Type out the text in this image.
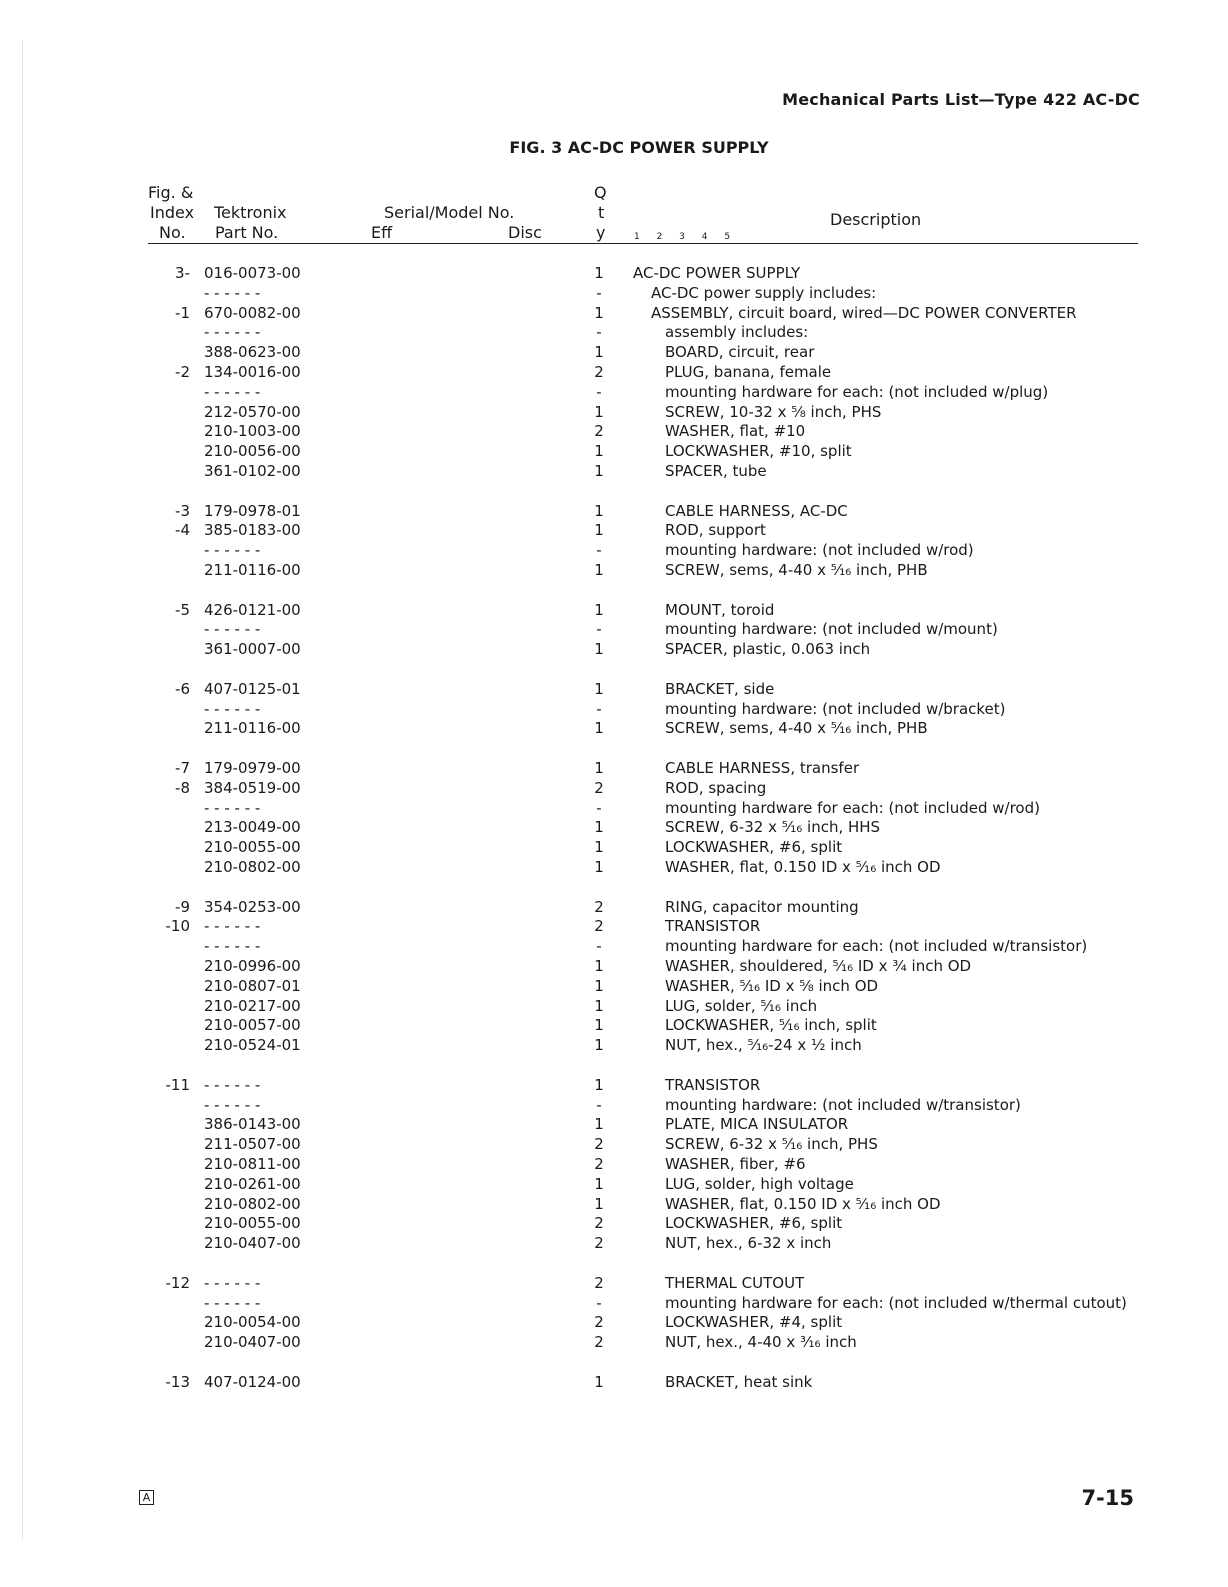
Mechanical Parts List—Type 422 AC-DC
FIG. 3 AC-DC POWER SUPPLY
Fig. &
Index
No.
Tektronix
Part No.
Serial/Model No.
Eff	Disc
Q
t
y	1 2 3 4 5
Description
3- 016-0073-00	1	AC-DC POWER SUPPLY
- - - - - -	-	AC-DC power supply includes:
-1 670-0082-00	1	ASSEMBLY, circuit board, wired—DC POWER CONVERTER
- - - - - -	-	assembly includes:
388-0623-00	1	BOARD, circuit, rear
-2 134-0016-00	2	PLUG, banana, female
- - - - - -	-	mounting hardware for each: (not included w/plug)
212-0570-00	1	SCREW, 10-32 x ⁵⁄₈ inch, PHS
210-1003-00	2	WASHER, flat, #10
210-0056-00	1	LOCKWASHER, #10, split
361-0102-00	1	SPACER, tube
-3 179-0978-01	1	CABLE HARNESS, AC-DC
-4 385-0183-00	1	ROD, support
- - - - - -	-	mounting hardware: (not included w/rod)
211-0116-00	1	SCREW, sems, 4-40 x ⁵⁄₁₆ inch, PHB
-5 426-0121-00	1	MOUNT, toroid
- - - - - -	-	mounting hardware: (not included w/mount)
361-0007-00	1	SPACER, plastic, 0.063 inch
-6 407-0125-01	1	BRACKET, side
- - - - - -	-	mounting hardware: (not included w/bracket)
211-0116-00	1	SCREW, sems, 4-40 x ⁵⁄₁₆ inch, PHB
-7 179-0979-00	1	CABLE HARNESS, transfer
-8 384-0519-00	2	ROD, spacing
- - - - - -	-	mounting hardware for each: (not included w/rod)
213-0049-00	1	SCREW, 6-32 x ⁵⁄₁₆ inch, HHS
210-0055-00	1	LOCKWASHER, #6, split
210-0802-00	1	WASHER, flat, 0.150 ID x ⁵⁄₁₆ inch OD
-9 354-0253-00	2	RING, capacitor mounting
-10 - - - - - -	2	TRANSISTOR
- - - - - -	-	mounting hardware for each: (not included w/transistor)
210-0996-00	1	WASHER, shouldered, ⁵⁄₁₆ ID x ³⁄₄ inch OD
210-0807-01	1	WASHER, ⁵⁄₁₆ ID x ⁵⁄₈ inch OD
210-0217-00	1	LUG, solder, ⁵⁄₁₆ inch
210-0057-00	1	LOCKWASHER, ⁵⁄₁₆ inch, split
210-0524-01	1	NUT, hex., ⁵⁄₁₆-24 x ¹⁄₂ inch
-11 - - - - - -	1	TRANSISTOR
- - - - - -	-	mounting hardware: (not included w/transistor)
386-0143-00	1	PLATE, MICA INSULATOR
211-0507-00	2	SCREW, 6-32 x ⁵⁄₁₆ inch, PHS
210-0811-00	2	WASHER, fiber, #6
210-0261-00	1	LUG, solder, high voltage
210-0802-00	1	WASHER, flat, 0.150 ID x ⁵⁄₁₆ inch OD
210-0055-00	2	LOCKWASHER, #6, split
210-0407-00	2	NUT, hex., 6-32 x inch
-12 - - - - - -	2	THERMAL CUTOUT
- - - - - -	-	mounting hardware for each: (not included w/thermal cutout)
210-0054-00	2	LOCKWASHER, #4, split
210-0407-00	2	NUT, hex., 4-40 x ³⁄₁₆ inch
-13 407-0124-00	1	BRACKET, heat sink
A	7-15
